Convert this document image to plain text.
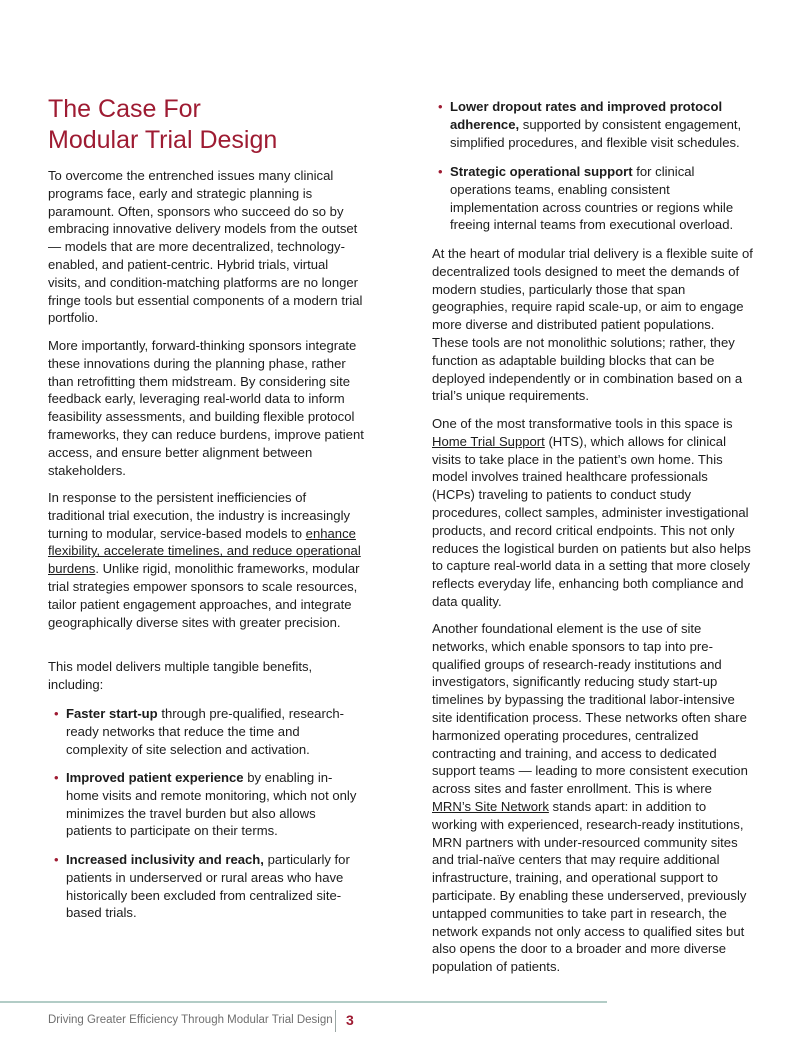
The Case For
Modular Trial Design

To overcome the entrenched issues many clinical programs face, early and strategic planning is paramount. Often, sponsors who succeed do so by embracing innovative delivery models from the outset — models that are more decentralized, technology-enabled, and patient-centric. Hybrid trials, virtual visits, and condition-matching platforms are no longer fringe tools but essential components of a modern trial portfolio.

More importantly, forward-thinking sponsors integrate these innovations during the planning phase, rather than retrofitting them midstream. By considering site feedback early, leveraging real-world data to inform feasibility assessments, and building flexible protocol frameworks, they can reduce burdens, improve patient access, and ensure better alignment between stakeholders.

In response to the persistent inefficiencies of traditional trial execution, the industry is increasingly turning to modular, service-based models to enhance flexibility, accelerate timelines, and reduce operational burdens. Unlike rigid, monolithic frameworks, modular trial strategies empower sponsors to scale resources, tailor patient engagement approaches, and integrate geographically diverse sites with greater precision.

This model delivers multiple tangible benefits, including:

• Faster start-up through pre-qualified, research-ready networks that reduce the time and complexity of site selection and activation.

• Improved patient experience by enabling in-home visits and remote monitoring, which not only minimizes the travel burden but also allows patients to participate on their terms.

• Increased inclusivity and reach, particularly for patients in underserved or rural areas who have historically been excluded from centralized site-based trials.

• Lower dropout rates and improved protocol adherence, supported by consistent engagement, simplified procedures, and flexible visit schedules.

• Strategic operational support for clinical operations teams, enabling consistent implementation across countries or regions while freeing internal teams from executional overload.

At the heart of modular trial delivery is a flexible suite of decentralized tools designed to meet the demands of modern studies, particularly those that span geographies, require rapid scale-up, or aim to engage more diverse and distributed patient populations. These tools are not monolithic solutions; rather, they function as adaptable building blocks that can be deployed independently or in combination based on a trial’s unique requirements.

One of the most transformative tools in this space is Home Trial Support (HTS), which allows for clinical visits to take place in the patient’s own home. This model involves trained healthcare professionals (HCPs) traveling to patients to conduct study procedures, collect samples, administer investigational products, and record critical endpoints. This not only reduces the logistical burden on patients but also helps to capture real-world data in a setting that more closely reflects everyday life, enhancing both compliance and data quality.

Another foundational element is the use of site networks, which enable sponsors to tap into pre-qualified groups of research-ready institutions and investigators, significantly reducing study start-up timelines by bypassing the traditional labor-intensive site identification process. These networks often share harmonized operating procedures, centralized contracting and training, and access to dedicated support teams — leading to more consistent execution across sites and faster enrollment. This is where MRN’s Site Network stands apart: in addition to working with experienced, research-ready institutions, MRN partners with under-resourced community sites and trial-naïve centers that may require additional infrastructure, training, and operational support to participate. By enabling these underserved, previously untapped communities to take part in research, the network expands not only access to qualified sites but also opens the door to a broader and more diverse population of patients.

Driving Greater Efficiency Through Modular Trial Design 3
